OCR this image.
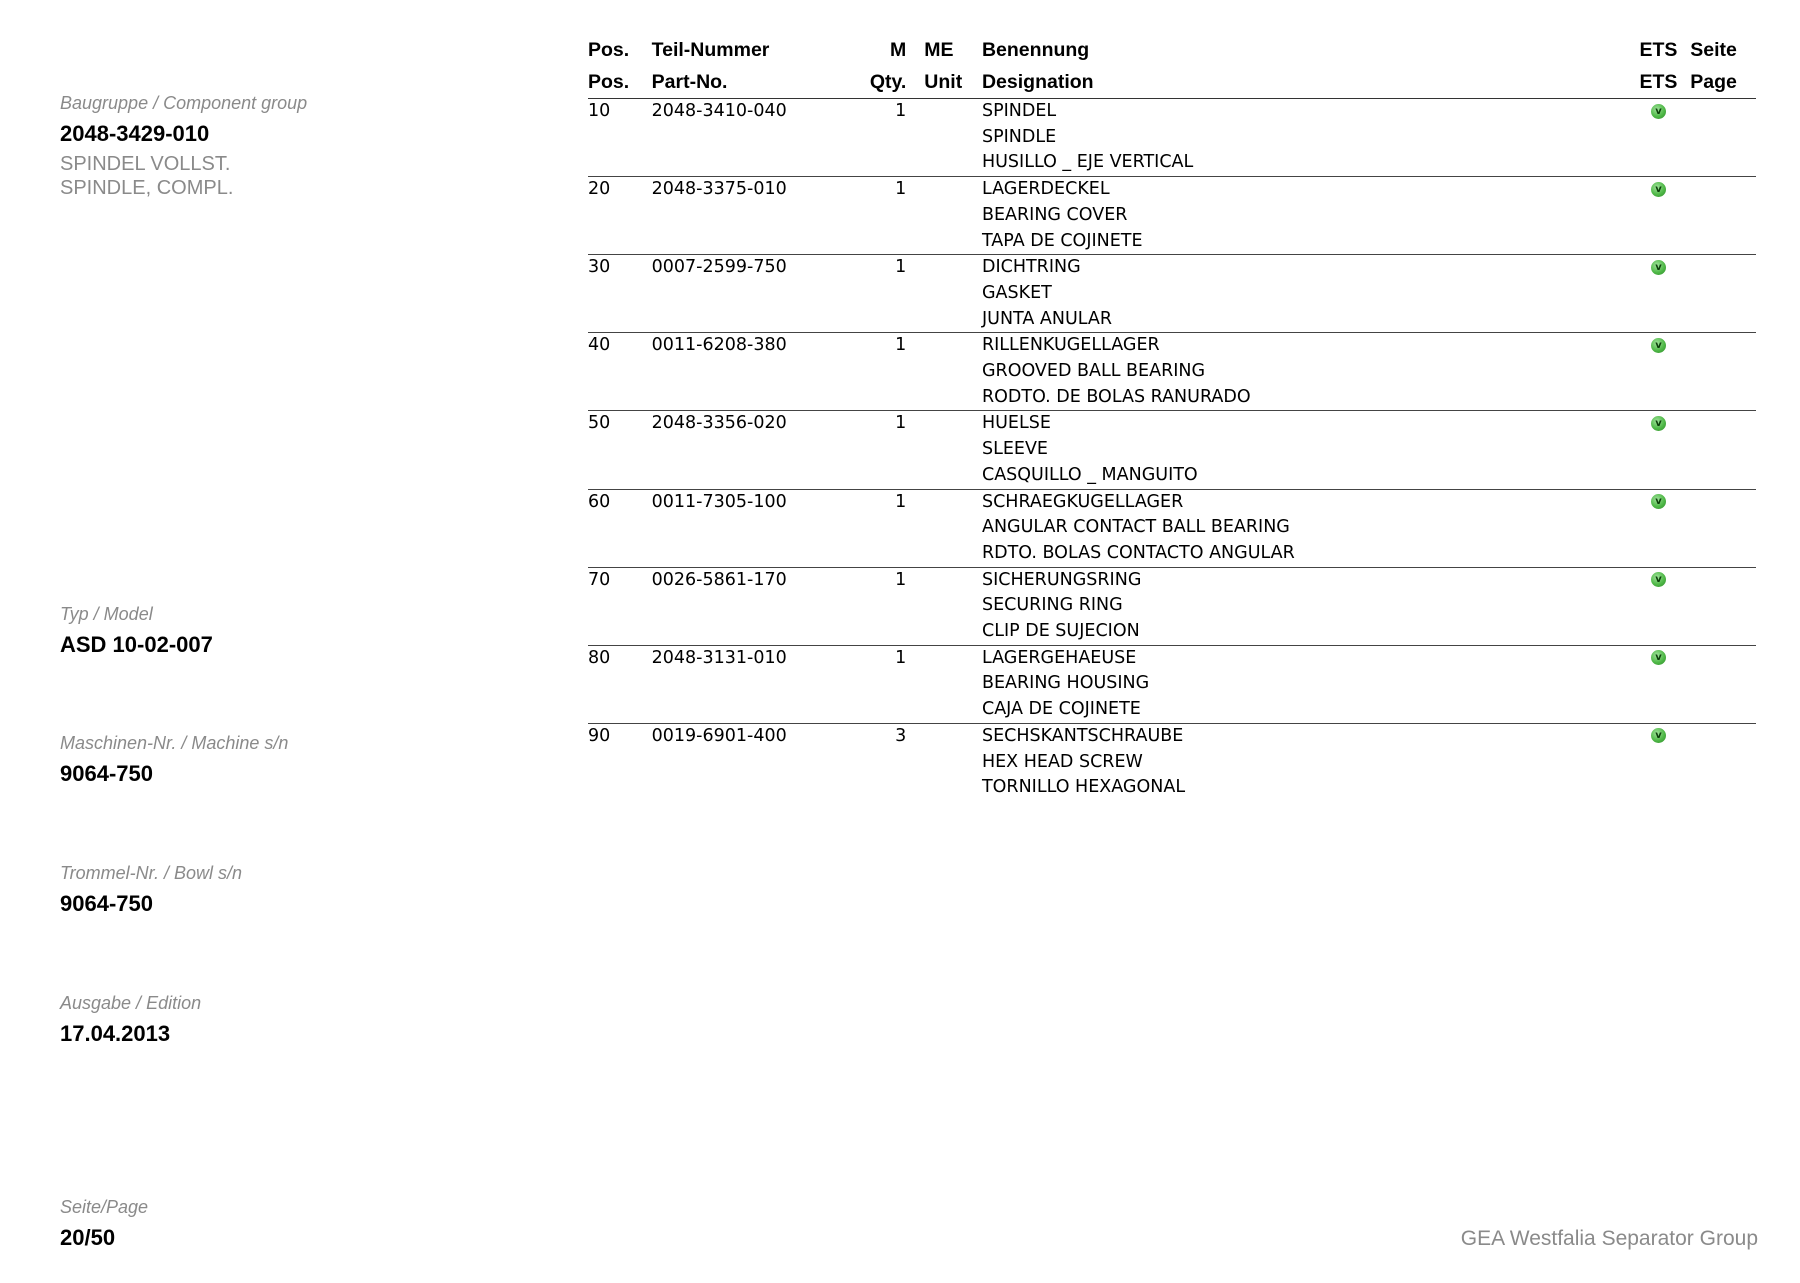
Baugruppe / Component group
2048-3429-010
SPINDEL VOLLST.
SPINDLE, COMPL.
Typ / Model
ASD 10-02-007
Maschinen-Nr. / Machine s/n
9064-750
Trommel-Nr. / Bowl s/n
9064-750
Ausgabe / Edition
17.04.2013
Seite/Page
20/50	GEA Westfalia Separator Group
Pos.	Teil-Nummer	M	ME	Benennung	ETS	Seite
Pos.	Part-No.	Qty.	Unit	Designation	ETS	Page
10	2048-3410-040	1		SPINDEL	v	
				SPINDLE		
				HUSILLO _ EJE VERTICAL		
20	2048-3375-010	1		LAGERDECKEL	v	
				BEARING COVER		
				TAPA DE COJINETE		
30	0007-2599-750	1		DICHTRING	v	
				GASKET		
				JUNTA ANULAR		
40	0011-6208-380	1		RILLENKUGELLAGER	v	
				GROOVED BALL BEARING		
				RODTO. DE BOLAS RANURADO		
50	2048-3356-020	1		HUELSE	v	
				SLEEVE		
				CASQUILLO _ MANGUITO		
60	0011-7305-100	1		SCHRAEGKUGELLAGER	v	
				ANGULAR CONTACT BALL BEARING		
				RDTO. BOLAS CONTACTO ANGULAR		
70	0026-5861-170	1		SICHERUNGSRING	v	
				SECURING RING		
				CLIP DE SUJECION		
80	2048-3131-010	1		LAGERGEHAEUSE	v	
				BEARING HOUSING		
				CAJA DE COJINETE		
90	0019-6901-400	3		SECHSKANTSCHRAUBE	v	
				HEX HEAD SCREW		
				TORNILLO HEXAGONAL		
